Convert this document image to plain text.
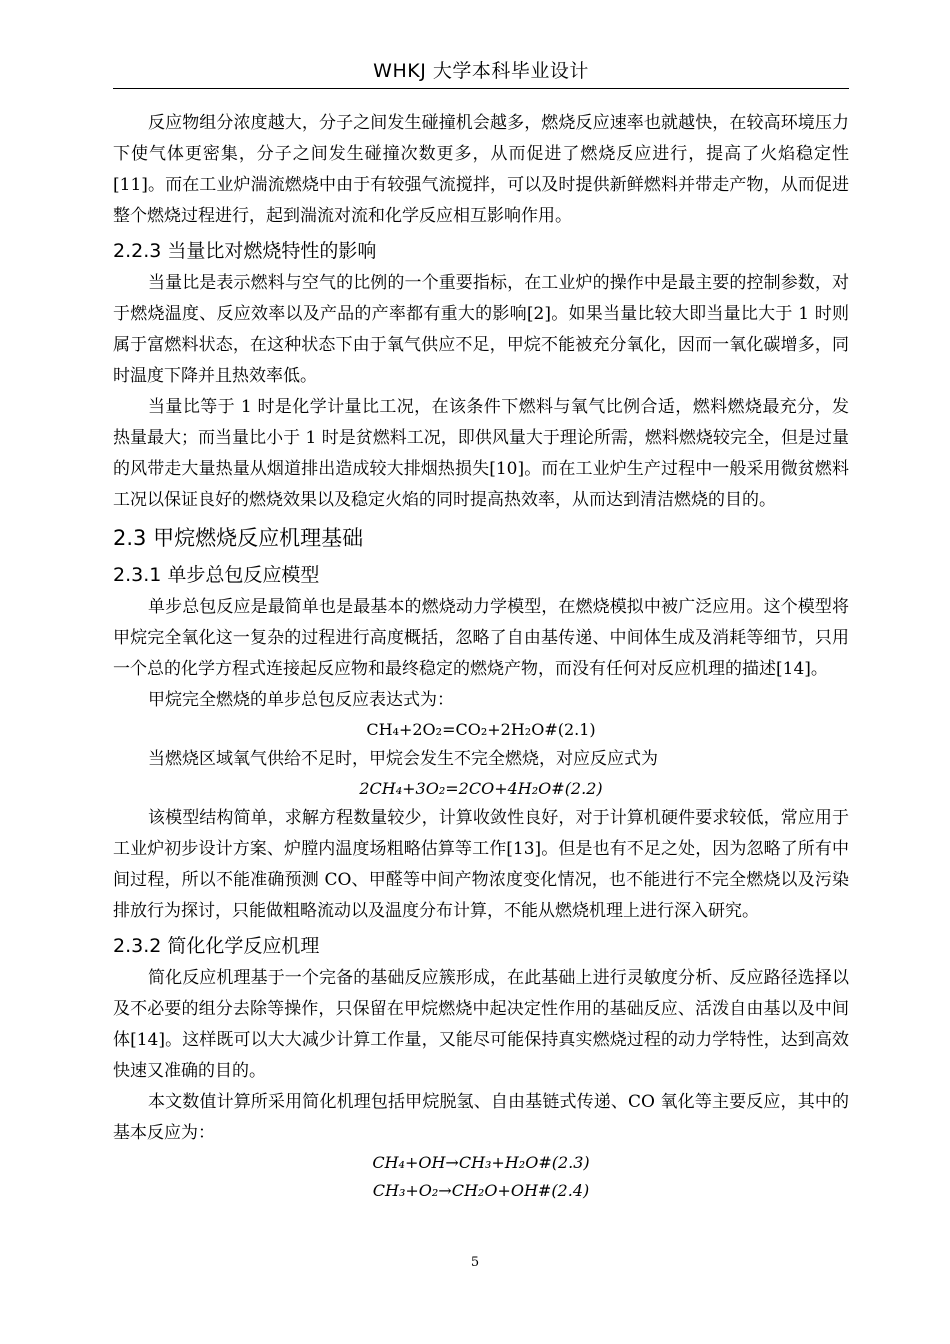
WHKJ 大学本科毕业设计

反应物组分浓度越大，分子之间发生碰撞机会越多，燃烧反应速率也就越快，在较高环境压力下使气体更密集，分子之间发生碰撞次数更多，从而促进了燃烧反应进行，提高了火焰稳定性[11]。而在工业炉湍流燃烧中由于有较强气流搅拌，可以及时提供新鲜燃料并带走产物，从而促进整个燃烧过程进行，起到湍流对流和化学反应相互影响作用。

2.2.3 当量比对燃烧特性的影响

当量比是表示燃料与空气的比例的一个重要指标，在工业炉的操作中是最主要的控制参数，对于燃烧温度、反应效率以及产品的产率都有重大的影响[2]。如果当量比较大即当量比大于 1 时则属于富燃料状态，在这种状态下由于氧气供应不足，甲烷不能被充分氧化，因而一氧化碳增多，同时温度下降并且热效率低。

当量比等于 1 时是化学计量比工况，在该条件下燃料与氧气比例合适，燃料燃烧最充分，发热量最大；而当量比小于 1 时是贫燃料工况，即供风量大于理论所需，燃料燃烧较完全，但是过量的风带走大量热量从烟道排出造成较大排烟热损失[10]。而在工业炉生产过程中一般采用微贫燃料工况以保证良好的燃烧效果以及稳定火焰的同时提高热效率，从而达到清洁燃烧的目的。

2.3 甲烷燃烧反应机理基础
2.3.1 单步总包反应模型

单步总包反应是最简单也是最基本的燃烧动力学模型，在燃烧模拟中被广泛应用。这个模型将甲烷完全氧化这一复杂的过程进行高度概括，忽略了自由基传递、中间体生成及消耗等细节，只用一个总的化学方程式连接起反应物和最终稳定的燃烧产物，而没有任何对反应机理的描述[14]。

甲烷完全燃烧的单步总包反应表达式为：

CH₄+2O₂=CO₂+2H₂O#(2.1)

当燃烧区域氧气供给不足时，甲烷会发生不完全燃烧，对应反应式为

2CH₄+3O₂=2CO+4H₂O#(2.2)

该模型结构简单，求解方程数量较少，计算收敛性良好，对于计算机硬件要求较低，常应用于工业炉初步设计方案、炉膛内温度场粗略估算等工作[13]。但是也有不足之处，因为忽略了所有中间过程，所以不能准确预测 CO、甲醛等中间产物浓度变化情况，也不能进行不完全燃烧以及污染排放行为探讨，只能做粗略流动以及温度分布计算，不能从燃烧机理上进行深入研究。

2.3.2 简化化学反应机理

简化反应机理基于一个完备的基础反应簇形成，在此基础上进行灵敏度分析、反应路径选择以及不必要的组分去除等操作，只保留在甲烷燃烧中起决定性作用的基础反应、活泼自由基以及中间体[14]。这样既可以大大减少计算工作量，又能尽可能保持真实燃烧过程的动力学特性，达到高效快速又准确的目的。

本文数值计算所采用简化机理包括甲烷脱氢、自由基链式传递、CO 氧化等主要反应，其中的基本反应为：

CH₄+OH→CH₃+H₂O#(2.3)

CH₃+O₂→CH₂O+OH#(2.4)

5
